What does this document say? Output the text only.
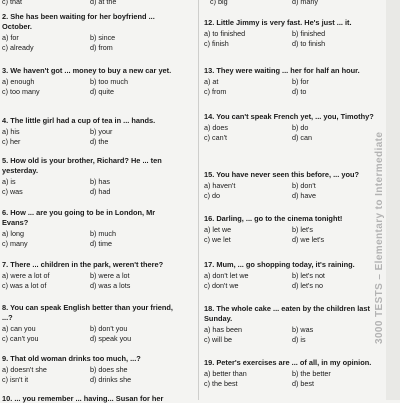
c) that	d) at the	c) big	d) many

2. She has been waiting for her boyfriend ... October.

a) for	b) since
c) already	d) from

3. We haven't got ... money to buy a new car yet.

a) enough	b) too much
c) too many	d) quite

4. The little girl had a cup of tea in ... hands.

a) his	b) your
c) her	d) the

5. How old is your brother, Richard? He ... ten yesterday.

a) is	b) has
c) was	d) had

6. How ... are you going to be in London, Mr Evans?

a) long	b) much
c) many	d) time

7. There ... children in the park, weren't there?

a) were a lot of	b) were a lot
c) was a lot of	d) was a lots

8. You can speak English better than your friend, ...?

a) can you	b) don't you
c) can't you	d) speak you

9. That old woman drinks too much, ...?

a) doesn't she	b) does she
c) isn't it	d) drinks she

12. Little Jimmy is very fast. He's just ... it.

a) to finished	b) finished
c) finish	d) to finish

13. They were waiting ... her for half an hour.

a) at	b) for
c) from	d) to

14. You can't speak French yet, ... you, Timothy?

a) does	b) do
c) can't	d) can

15. You have never seen this before, ... you?

a) haven't	b) don't
c) do	d) have

16. Darling, ... go to the cinema tonight!

a) let we	b) let's
c) we let	d) we let's

17. Mum, ... go shopping today, it's raining.

a) don't let we	b) let's not
c) don't we	d) let's no

18. The whole cake ... eaten by the children last Sunday.

a) has been	b) was
c) will be	d) is

19. Peter's exercises are ... of all, in my opinion.

a) better than	b) the better
c) the best	d) best
10. ... you remember ... having... Susan for her
3000 TESTS – Elementary to Intermediate
